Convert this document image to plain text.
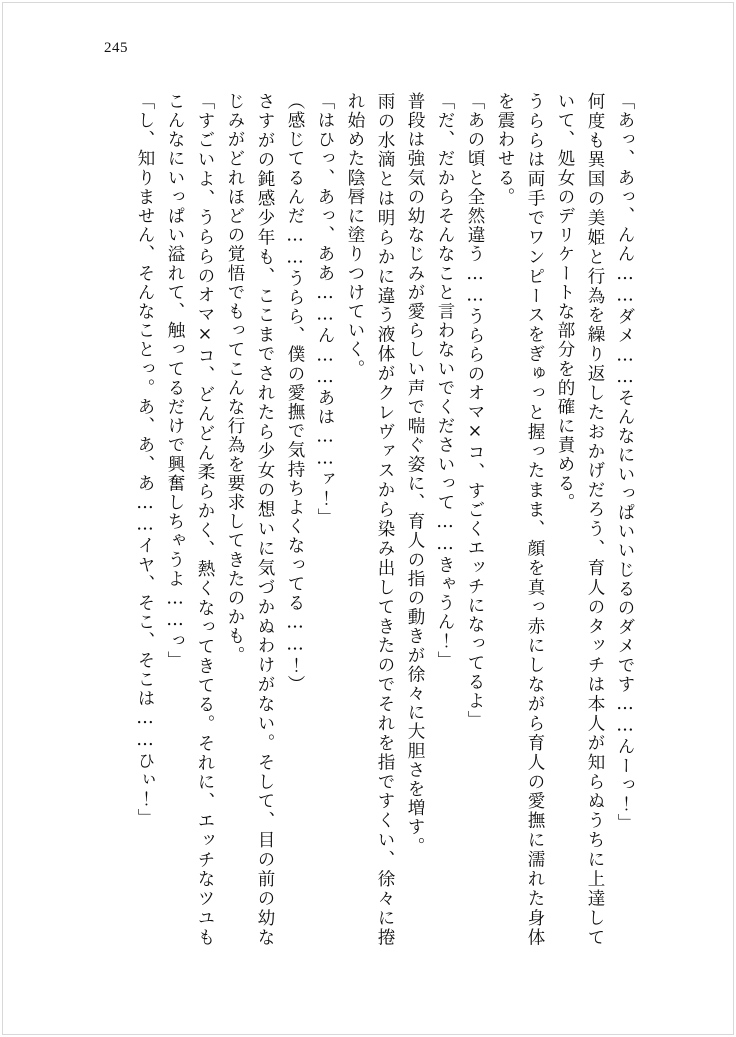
245

「あっ、あっ、んん……ダメ……そんなにいっぱいいじるのダメです……んーっ！」

何度も異国の美姫と行為を繰り返したおかげだろう、育人のタッチは本人が知らぬうちに上達していて、処女のデリケートな部分を的確に責める。

うららは両手でワンピースをぎゅっと握ったまま、顔を真っ赤にしながら育人の愛撫に濡れた身体を震わせる。

「あの頃と全然違う……うららのオマ×コ、すごくエッチになってるよ」

「だ、だからそんなこと言わないでくださいって……きゃうん！」

普段は強気の幼なじみが愛らしい声で喘ぐ姿に、育人の指の動きが徐々に大胆さを増す。

雨の水滴とは明らかに違う液体がクレヴァスから染み出してきたのでそれを指ですくい、徐々に捲れ始めた陰唇に塗りつけていく。

「はひっ、あっ、ああ……ん……あは……ァ！」

（感じてるんだ……うらら、僕の愛撫で気持ちよくなってる……！）

さすがの鈍感少年も、ここまでされたら少女の想いに気づかぬわけがない。そして、目の前の幼なじみがどれほどの覚悟でもってこんな行為を要求してきたのかも。

「すごいよ、うららのオマ×コ、どんどん柔らかく、熱くなってきてる。それに、エッチなツユもこんなにいっぱい溢れて、触ってるだけで興奮しちゃうよ……っ」

「し、知りません、そんなことっ。あ、あ、あ……イヤ、そこ、そこは……ひぃ！」
